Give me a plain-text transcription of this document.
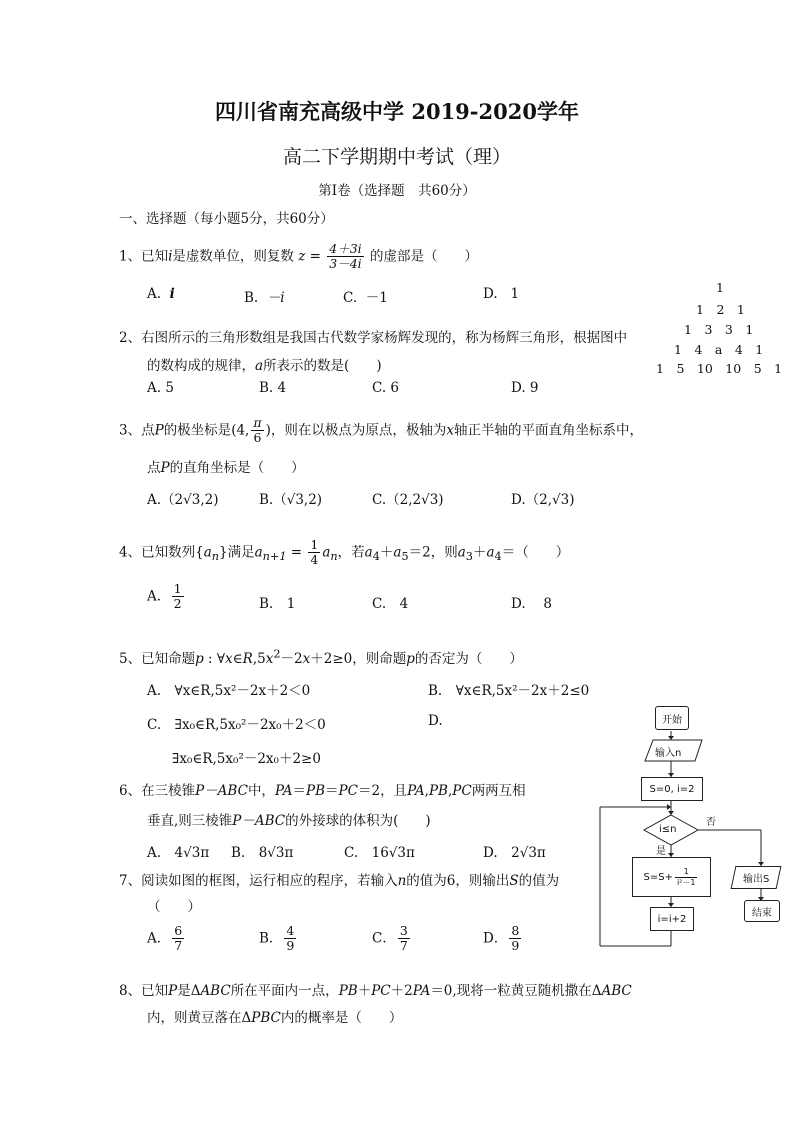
四川省南充高级中学 2019-2020学年
高二下学期期中考试（理）
第Ⅰ卷（选择题　共60分）
一、选择题（每小题5分，共60分）
1、已知i是虚数单位，则复数 $z = \frac{4+3i}{3-4i}$ 的虚部是（　　）
A. i	B. －i	C. －1	D. 1	1
1　2　1
1　3　3　1
1　4　a　4　1
1　5　10　10　5　1
2、右图所示的三角形数组是我国古代数学家杨辉发现的，称为杨辉三角形，根据图中
的数构成的规律，a所表示的数是(　　)
A. 5	B. 4	C. 6	D. 9
3、点P的极坐标是(4, $\frac{\pi}{6}$ )，则在以极点为原点，极轴为x轴正半轴的平面直角坐标系中，
点P的直角坐标是（　　）
A.（2√3,2)	B.（√3,2)	C.（2,2√3)	D.（2,√3)
4、已知数列$\{a_n\}$满足$a_{n+1} = \frac{1}{4} a_n$，若$a_4+a_5=2$，则$a_3+a_4=$（　　）
A. $\frac{1}{2}$	B.　1	C.　4	D.　 8
5、已知命题p : $\forall x\in R,5x^2-2x+2\ge 0$，则命题p的否定为（　　）
A.　∀x∈R,5x²－2x＋2＜0	B.　∀x∈R,5x²－2x＋2≤0
C.　∃x₀∈R,5x₀²－2x₀＋2＜0	D.
∃x₀∈R,5x₀²－2x₀＋2≥0
6、在三棱锥P－ABC中，PA＝PB＝PC＝2，且PA,PB,PC两两互相
垂直,则三棱锥P－ABC的外接球的体积为(　　)
A.　4√3π B.　8√3π	C.　16√3π	D.　2√3π
7、阅读如图的框图，运行相应的程序，若输入n的值为6，则输出S的值为
（　　）
A． $\frac{6}{7}$	B． $\frac{4}{9}$	C． $\frac{3}{7}$	D． $\frac{8}{9}$
8、已知P是ΔABC所在平面内一点，PB＋PC＋2PA＝0,现将一粒黄豆随机撒在ΔABC
内，则黄豆落在ΔPBC内的概率是（　　）
开始
输入n
S=0, i=2
i≤n
否
是
$S=S+ \frac{1}{\text{i²－1}}$
i=i+2
输出S
结束
